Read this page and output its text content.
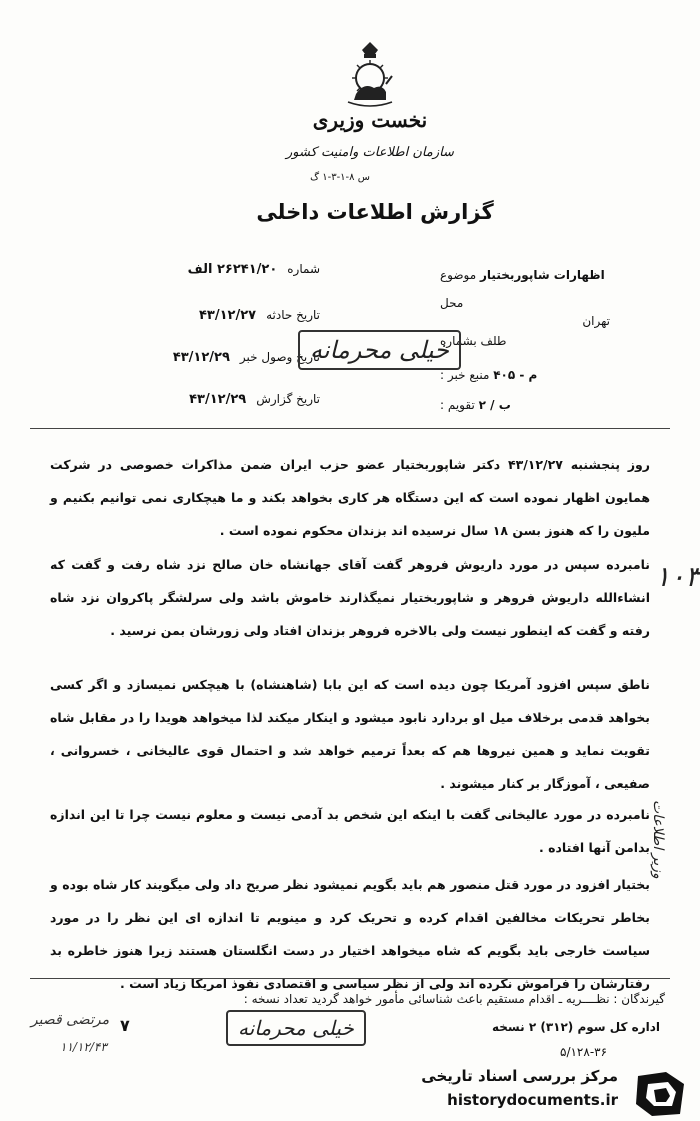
نخست وزیری
سازمان اطلاعات وامنیت کشور
س ۸-۱-۳-۱ گ
گزارش اطلاعات داخلی
شماره
۲۶۲۴۱/۲۰ الف
تاریخ حادثه
۴۳/۱۲/۲۷
تاریخ وصول خبر
۴۳/۱۲/۲۹
تاریخ گزارش
۴۳/۱۲/۲۹
موضوع اظهارات شاپوربختیار
محل
تهران
طلف بشماره
منبع خبر : م - ۴۰۵
تقویم : ب / ۲
خیلی محرمانه
روز پنجشنبه ۴۳/۱۲/۲۷ دکتر شاپوربختیار عضو حزب ایران ضمن مذاکرات خصوصی در شرکت همایون اظهار نموده است که این دستگاه هر کاری بخواهد بکند و ما هیچکاری نمی توانیم بکنیم و ملیون را که هنوز بسن ۱۸ سال نرسیده اند بزندان محکوم نموده است .
نامبرده سپس در مورد داریوش فروهر گفت آقای جهانشاه خان صالح نزد شاه رفت و گفت که انشاءالله داریوش فروهر و شاپوربختیار نمیگذارند خاموش باشد ولی سرلشگر پاکروان نزد شاه رفته و گفت که اینطور نیست ولی بالاخره فروهر بزندان افتاد ولی زورشان بمن نرسید .
ناطق سپس افزود آمریکا چون دیده است که این بابا (شاهنشاه) با هیچکس نمیسازد و اگر کسی بخواهد قدمی برخلاف میل او بردارد نابود میشود و اینکار میکند لذا میخواهد هویدا را در مقابل شاه تقویت نماید و همین نیروها هم که بعداً ترمیم خواهد شد و احتمال قوی عالیخانی ، خسروانی ، صفیعی ، آموزگار بر کنار میشوند .
نامبرده در مورد عالیخانی گفت با اینکه این شخص بد آدمی نیست و معلوم نیست چرا تا این اندازه بدامن آنها افتاده .
بختیار افزود در مورد قتل منصور هم باید بگویم نمیشود نظر صریح داد ولی میگویند کار شاه بوده و بخاطر تحریکات مخالفین اقدام کرده و تحریک کرد و مینویم تا اندازه ای این نظر را در مورد سیاست خارجی باید بگویم که شاه میخواهد اختیار در دست انگلستان هستند زیرا هنوز خاطره بد رفتارشان را فراموش نکرده اند ولی از نظر سیاسی و اقتصادی نفوذ امریکا زیاد است .
۱۰۳
وزیر اطلاعات
گیرندگان : نظــــریه ـ اقدام مستقیم باعث شناسائی مأمور خواهد گردید تعداد نسخه :
اداره کل سوم (۳۱۲) ۲ نسخه
۵/۱۲۸-۳۶
۷	خیلی محرمانه
مرتضی قصیر
۱۱/۱۲/۴۳
مرکز بررسی اسناد تاریخی
historydocuments.ir
